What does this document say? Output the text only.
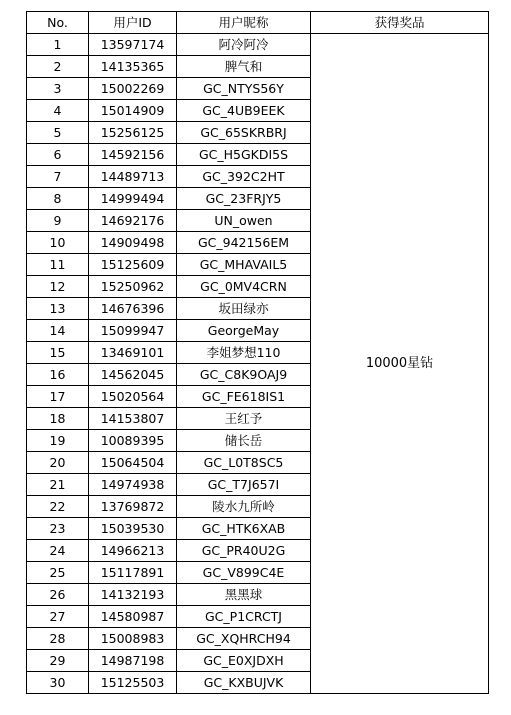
No.	用户ID	用户昵称	获得奖品
1	13597174	阿冷阿冷	10000星钻
2	14135365	脾气和	
3	15002269	GC_NTYS56Y	
4	15014909	GC_4UB9EEK	
5	15256125	GC_65SKRBRJ	
6	14592156	GC_H5GKDI5S	
7	14489713	GC_392C2HT	
8	14999494	GC_23FRJY5	
9	14692176	UN_owen	
10	14909498	GC_942156EM	
11	15125609	GC_MHAVAIL5	
12	15250962	GC_0MV4CRN	
13	14676396	坂田绿亦	
14	15099947	GeorgeMay	
15	13469101	李姐梦想110	
16	14562045	GC_C8K9OAJ9	
17	15020564	GC_FE618IS1	
18	14153807	王红予	
19	10089395	储长岳	
20	15064504	GC_L0T8SC5	
21	14974938	GC_T7J657I	
22	13769872	陵水九所岭	
23	15039530	GC_HTK6XAB	
24	14966213	GC_PR40U2G	
25	15117891	GC_V899C4E	
26	14132193	黑黑球	
27	14580987	GC_P1CRCTJ	
28	15008983	GC_XQHRCH94	
29	14987198	GC_E0XJDXH	
30	15125503	GC_KXBUJVK	
